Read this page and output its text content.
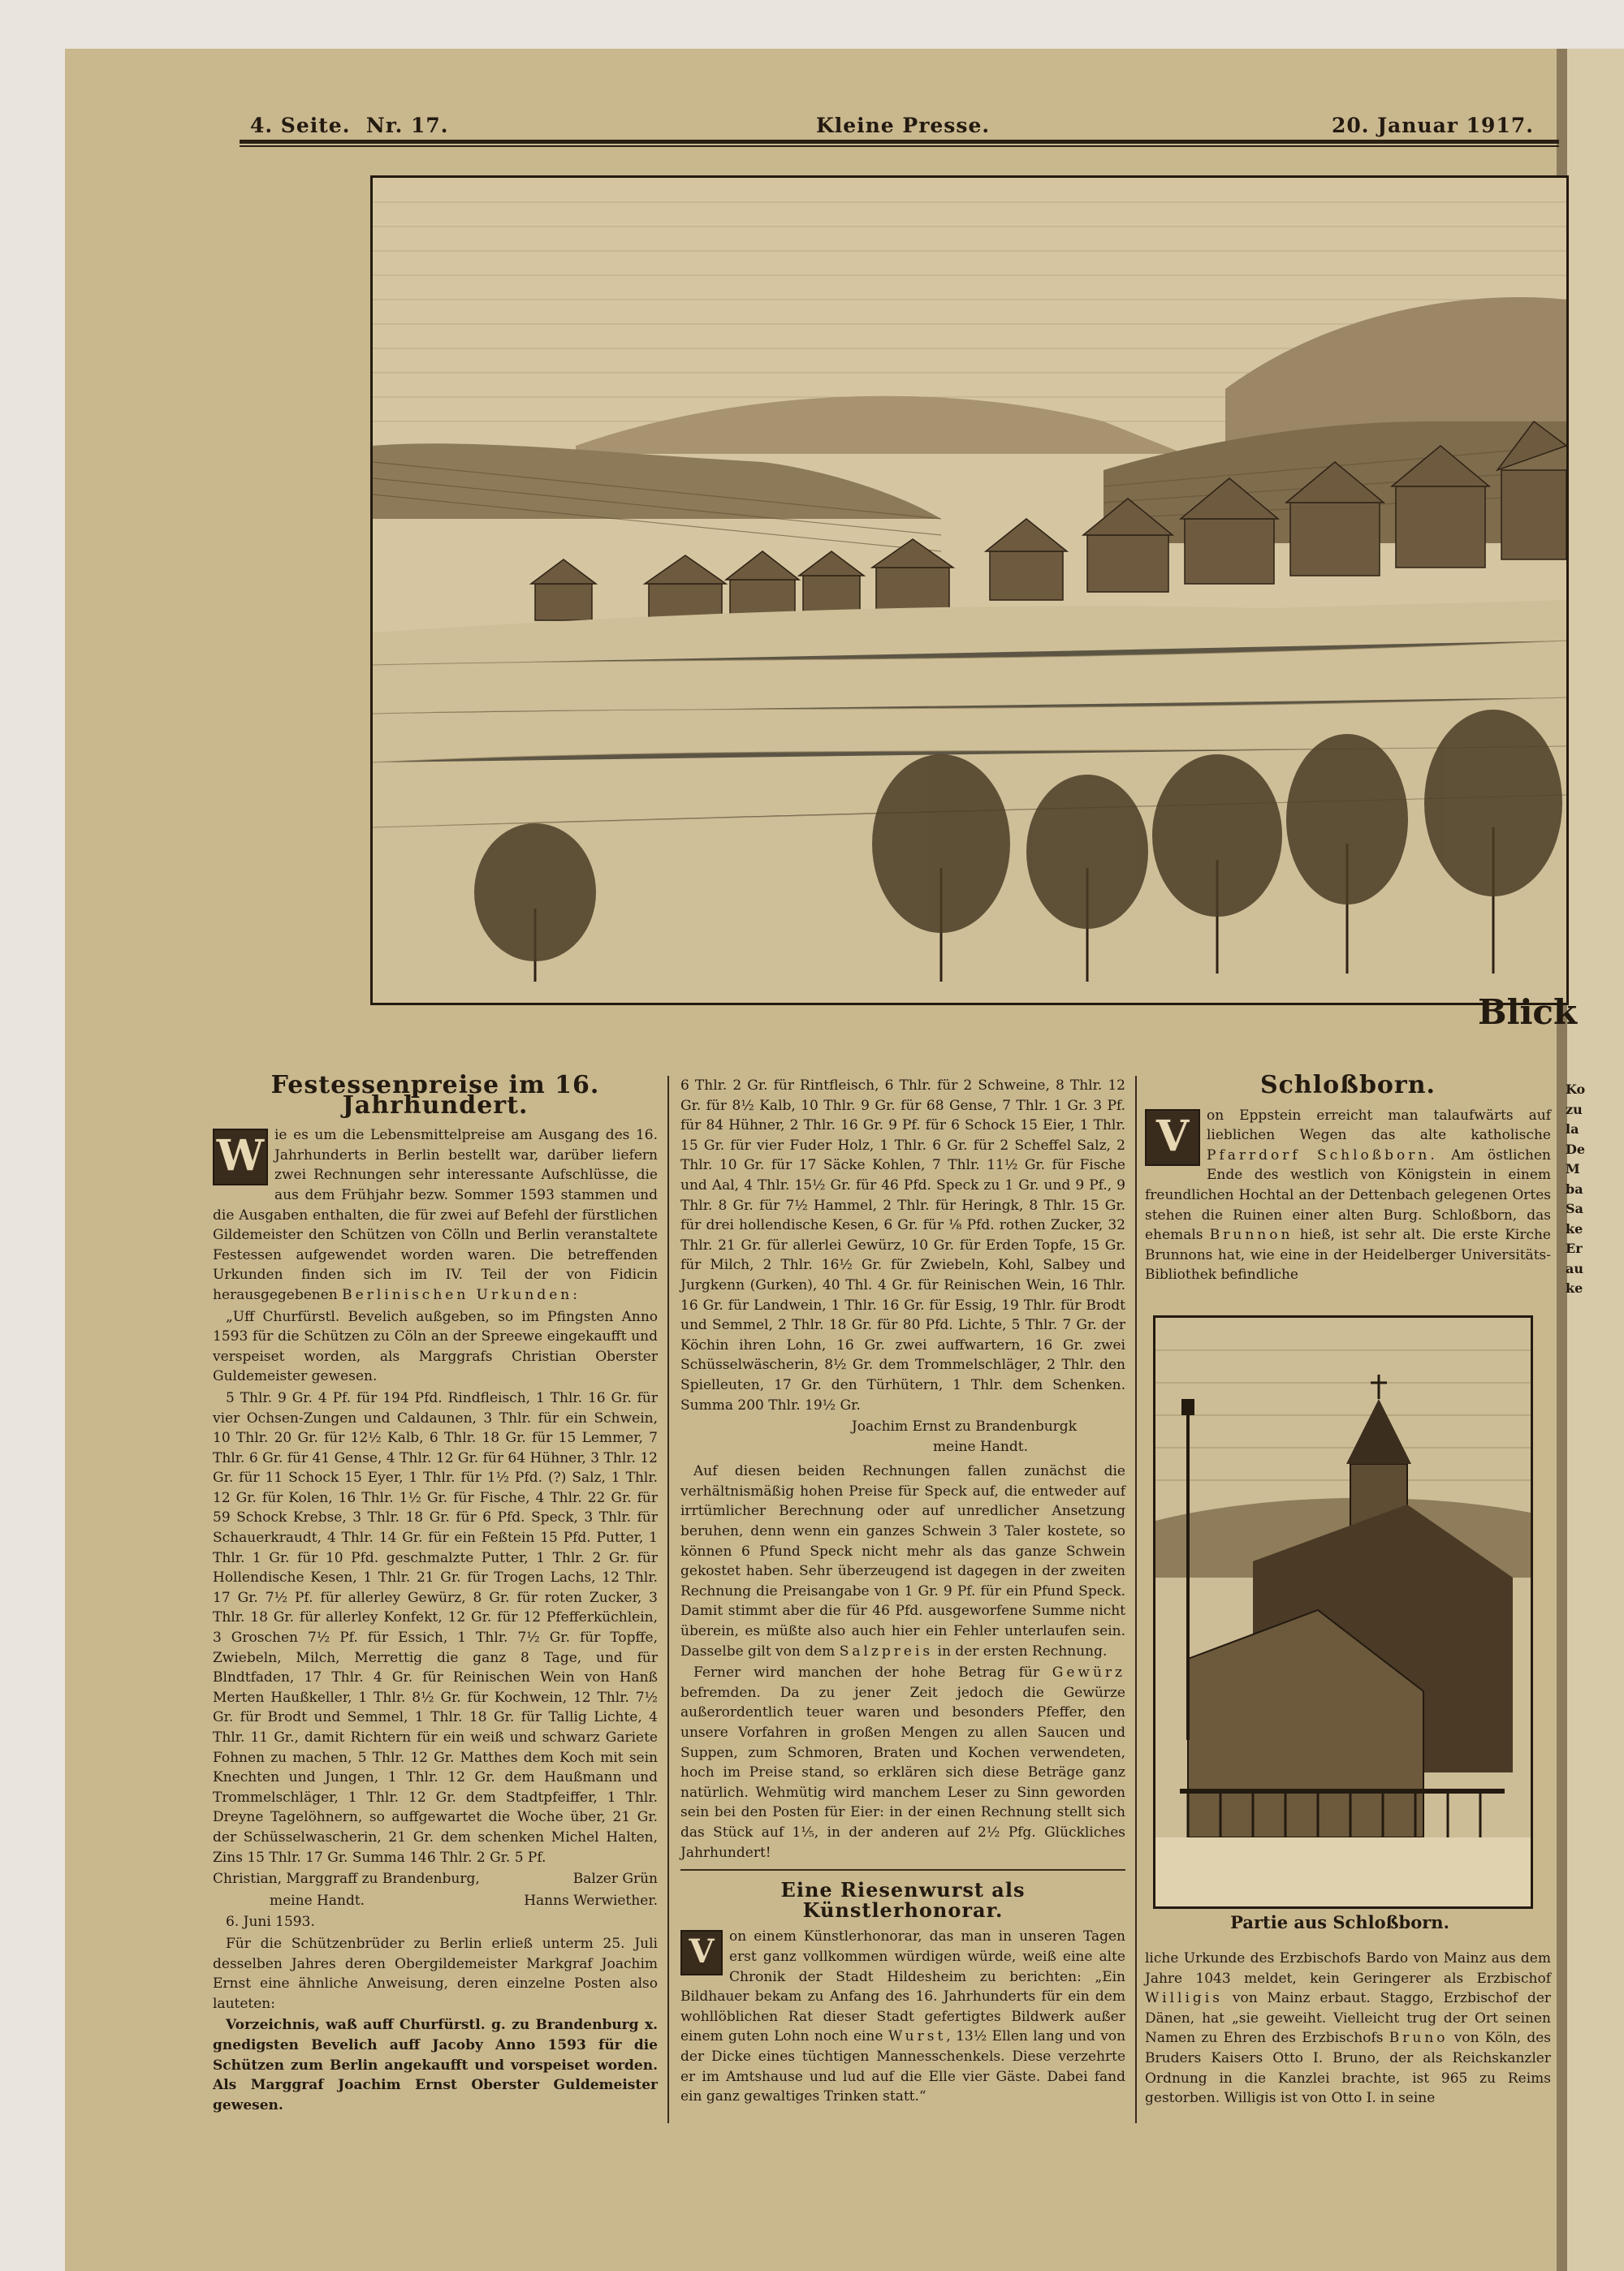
4. Seite. Nr. 17.	Kleine Presse.	20. Januar 1917.
Blick
Festessenpreise im 16. Jahrhundert.

W ie es um die Lebensmittelpreise am Ausgang des 16. Jahrhunderts in Berlin bestellt war, darüber liefern zwei Rechnungen sehr interessante Aufschlüsse, die aus dem Frühjahr bezw. Sommer 1593 stammen und die Ausgaben enthalten, die für zwei auf Befehl der fürstlichen Gildemeister den Schützen von Cölln und Berlin veranstaltete Festessen aufgewendet worden waren. Die betreffenden Urkunden finden sich im IV. Teil der von Fidicin herausgegebenen Berlinischen Urkunden:

„Uff Churfürstl. Bevelich außgeben, so im Pfingsten Anno 1593 für die Schützen zu Cöln an der Spreewe eingekaufft und verspeiset worden, als Marggrafs Christian Oberster Guldemeister gewesen.

5 Thlr. 9 Gr. 4 Pf. für 194 Pfd. Rindfleisch, 1 Thlr. 16 Gr. für vier Ochsen-Zungen und Caldaunen, 3 Thlr. für ein Schwein, 10 Thlr. 20 Gr. für 12½ Kalb, 6 Thlr. 18 Gr. für 15 Lemmer, 7 Thlr. 6 Gr. für 41 Gense, 4 Thlr. 12 Gr. für 64 Hühner, 3 Thlr. 12 Gr. für 11 Schock 15 Eyer, 1 Thlr. für 1½ Pfd. (?) Salz, 1 Thlr. 12 Gr. für Kolen, 16 Thlr. 1½ Gr. für Fische, 4 Thlr. 22 Gr. für 59 Schock Krebse, 3 Thlr. 18 Gr. für 6 Pfd. Speck, 3 Thlr. für Schauerkraudt, 4 Thlr. 14 Gr. für ein Feßtein 15 Pfd. Putter, 1 Thlr. 1 Gr. für 10 Pfd. geschmalzte Putter, 1 Thlr. 2 Gr. für Hollendische Kesen, 1 Thlr. 21 Gr. für Trogen Lachs, 12 Thlr. 17 Gr. 7½ Pf. für allerley Gewürz, 8 Gr. für roten Zucker, 3 Thlr. 18 Gr. für allerley Konfekt, 12 Gr. für 12 Pfefferküchlein, 3 Groschen 7½ Pf. für Essich, 1 Thlr. 7½ Gr. für Topffe, Zwiebeln, Milch, Merrettig die ganz 8 Tage, und für Blndtfaden, 17 Thlr. 4 Gr. für Reinischen Wein von Hanß Merten Haußkeller, 1 Thlr. 8½ Gr. für Kochwein, 12 Thlr. 7½ Gr. für Brodt und Semmel, 1 Thlr. 18 Gr. für Tallig Lichte, 4 Thlr. 11 Gr., damit Richtern für ein weiß und schwarz Gariete Fohnen zu machen, 5 Thlr. 12 Gr. Matthes dem Koch mit sein Knechten und Jungen, 1 Thlr. 12 Gr. dem Haußmann und Trommelschläger, 1 Thlr. 12 Gr. dem Stadtpfeiffer, 1 Thlr. Dreyne Tagelöhnern, so auffgewartet die Woche über, 21 Gr. der Schüsselwascherin, 21 Gr. dem schenken Michel Halten, Zins 15 Thlr. 17 Gr. Summa 146 Thlr. 2 Gr. 5 Pf.

Christian, Marggraff zu Brandenburg,	Balzer Grün
meine Handt.	Hanns Werwiether.

6. Juni 1593.

Für die Schützenbrüder zu Berlin erließ unterm 25. Juli desselben Jahres deren Obergildemeister Markgraf Joachim Ernst eine ähnliche Anweisung, deren einzelne Posten also lauteten:

Vorzeichnis, waß auff Churfürstl. g. zu Brandenburg x. gnedigsten Bevelich auff Jacoby Anno 1593 für die Schützen zum Berlin angekaufft und vorspeiset worden. Als Marggraf Joachim Ernst Oberster Guldemeister gewesen.

6 Thlr. 2 Gr. für Rintfleisch, 6 Thlr. für 2 Schweine, 8 Thlr. 12 Gr. für 8½ Kalb, 10 Thlr. 9 Gr. für 68 Gense, 7 Thlr. 1 Gr. 3 Pf. für 84 Hühner, 2 Thlr. 16 Gr. 9 Pf. für 6 Schock 15 Eier, 1 Thlr. 15 Gr. für vier Fuder Holz, 1 Thlr. 6 Gr. für 2 Scheffel Salz, 2 Thlr. 10 Gr. für 17 Säcke Kohlen, 7 Thlr. 11½ Gr. für Fische und Aal, 4 Thlr. 15½ Gr. für 46 Pfd. Speck zu 1 Gr. und 9 Pf., 9 Thlr. 8 Gr. für 7½ Hammel, 2 Thlr. für Heringk, 8 Thlr. 15 Gr. für drei hollendische Kesen, 6 Gr. für ⅛ Pfd. rothen Zucker, 32 Thlr. 21 Gr. für allerlei Gewürz, 10 Gr. für Erden Topfe, 15 Gr. für Milch, 2 Thlr. 16½ Gr. für Zwiebeln, Kohl, Salbey und Jurgkenn (Gurken), 40 Thl. 4 Gr. für Reinischen Wein, 16 Thlr. 16 Gr. für Landwein, 1 Thlr. 16 Gr. für Essig, 19 Thlr. für Brodt und Semmel, 2 Thlr. 18 Gr. für 80 Pfd. Lichte, 5 Thlr. 7 Gr. der Köchin ihren Lohn, 16 Gr. zwei auffwartern, 16 Gr. zwei Schüsselwäscherin, 8½ Gr. dem Trommelschläger, 2 Thlr. den Spielleuten, 17 Gr. den Türhütern, 1 Thlr. dem Schenken. Summa 200 Thlr. 19½ Gr.

Joachim Ernst zu Brandenburgk
meine Handt.

Auf diesen beiden Rechnungen fallen zunächst die verhältnismäßig hohen Preise für Speck auf, die entweder auf irrtümlicher Berechnung oder auf unredlicher Ansetzung beruhen, denn wenn ein ganzes Schwein 3 Taler kostete, so können 6 Pfund Speck nicht mehr als das ganze Schwein gekostet haben. Sehr überzeugend ist dagegen in der zweiten Rechnung die Preisangabe von 1 Gr. 9 Pf. für ein Pfund Speck. Damit stimmt aber die für 46 Pfd. ausgeworfene Summe nicht überein, es müßte also auch hier ein Fehler unterlaufen sein. Dasselbe gilt von dem Salzpreis in der ersten Rechnung.

Ferner wird manchen der hohe Betrag für Gewürz befremden. Da zu jener Zeit jedoch die Gewürze außerordentlich teuer waren und besonders Pfeffer, den unsere Vorfahren in großen Mengen zu allen Saucen und Suppen, zum Schmoren, Braten und Kochen verwendeten, hoch im Preise stand, so erklären sich diese Beträge ganz natürlich. Wehmütig wird manchem Leser zu Sinn geworden sein bei den Posten für Eier: in der einen Rechnung stellt sich das Stück auf 1⅕, in der anderen auf 2½ Pfg. Glückliches Jahrhundert!

Eine Riesenwurst als Künstlerhonorar.

V	on einem Künstlerhonorar, das man in unseren Tagen erst ganz vollkommen würdigen würde, weiß eine alte Chronik der Stadt Hildesheim zu berichten: „Ein Bildhauer bekam zu Anfang des 16. Jahrhunderts für ein dem wohllöblichen Rat dieser Stadt gefertigtes Bildwerk außer einem guten Lohn noch eine Wurst, 13½ Ellen lang und von der Dicke eines tüchtigen Mannesschenkels. Diese verzehrte er im Amtshause und lud auf die Elle vier Gäste. Dabei fand ein ganz gewaltiges Trinken statt.“

Schloßborn.

V	on Eppstein erreicht man talaufwärts auf lieblichen Wegen das alte katholische Pfarrdorf Schloßborn. Am östlichen Ende des westlich von Königstein in einem freundlichen Hochtal an der Dettenbach gelegenen Ortes stehen die Ruinen einer alten Burg. Schloßborn, das ehemals Brunnon hieß, ist sehr alt. Die erste Kirche Brunnons hat, wie eine in der Heidelberger Universitäts-Bibliothek befindliche

Partie aus Schloßborn.

liche Urkunde des Erzbischofs Bardo von Mainz aus dem Jahre 1043 meldet, kein Geringerer als Erzbischof Willigis von Mainz erbaut. Staggo, Erzbischof der Dänen, hat „sie geweiht. Vielleicht trug der Ort seinen Namen zu Ehren des Erzbischofs Bruno von Köln, des Bruders Kaisers Otto I. Bruno, der als Reichskanzler Ordnung in die Kanzlei brachte, ist 965 zu Reims gestorben. Willigis ist von Otto I. in seine

Ko
zu
la
De
M
ba
Sa
ke
Er
au
ke
